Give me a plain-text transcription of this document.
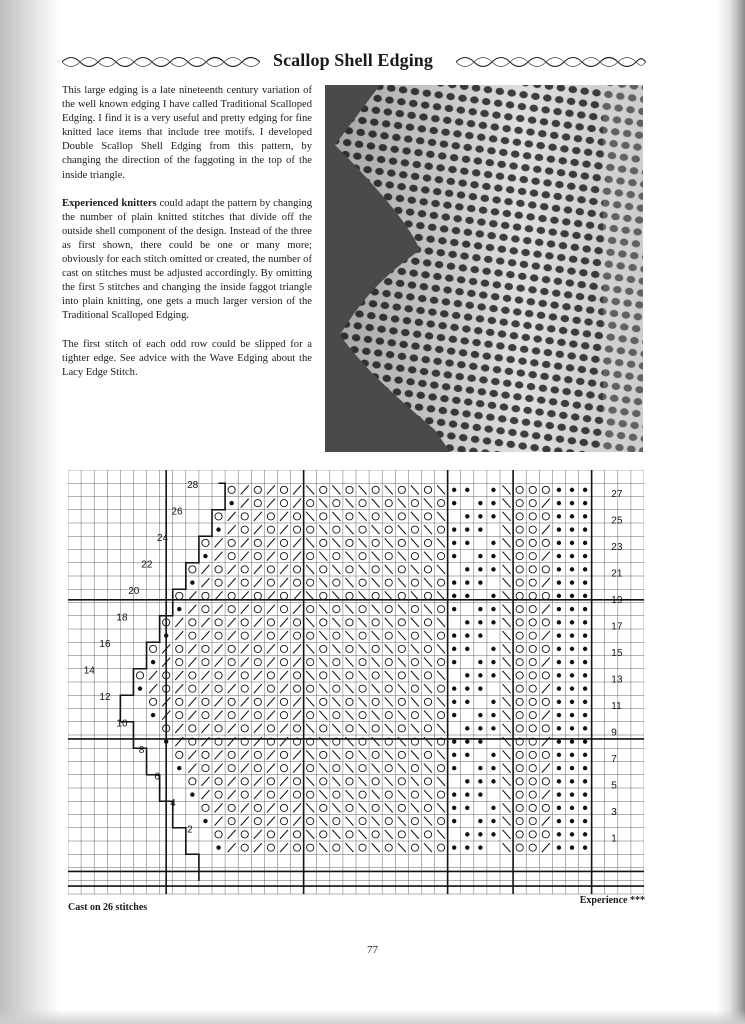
Scallop Shell Edging

This large edging is a late nineteenth century variation of the well known edging I have called Traditional Scalloped Edging. I find it is a very useful and pretty edging for fine knitted lace items that include tree motifs. I developed Double Scallop Shell Edging from this pattern, by changing the direction of the faggoting in the top of the inside triangle.

Experienced knitters could adapt the pattern by changing the number of plain knitted stitches that divide off the outside shell component of the design. Instead of the three as first shown, there could be one or many more; obviously for each stitch omitted or created, the number of cast on stitches must be adjusted accordingly. By omitting the first 5 stitches and changing the inside faggot triangle into plain knitting, one gets a much larger version of the Traditional Scalloped Edging.

The first stitch of each odd row could be slipped for a tighter edge. See advice with the Wave Edging about the Lacy Edge Stitch.

27
25
23
21
19
17
15
13
11
9
7
5
3
1
28
26
24
22
20
18
16
14
12
10
8
6
4
2
Cast on 26 stitches
Experience ***
77
